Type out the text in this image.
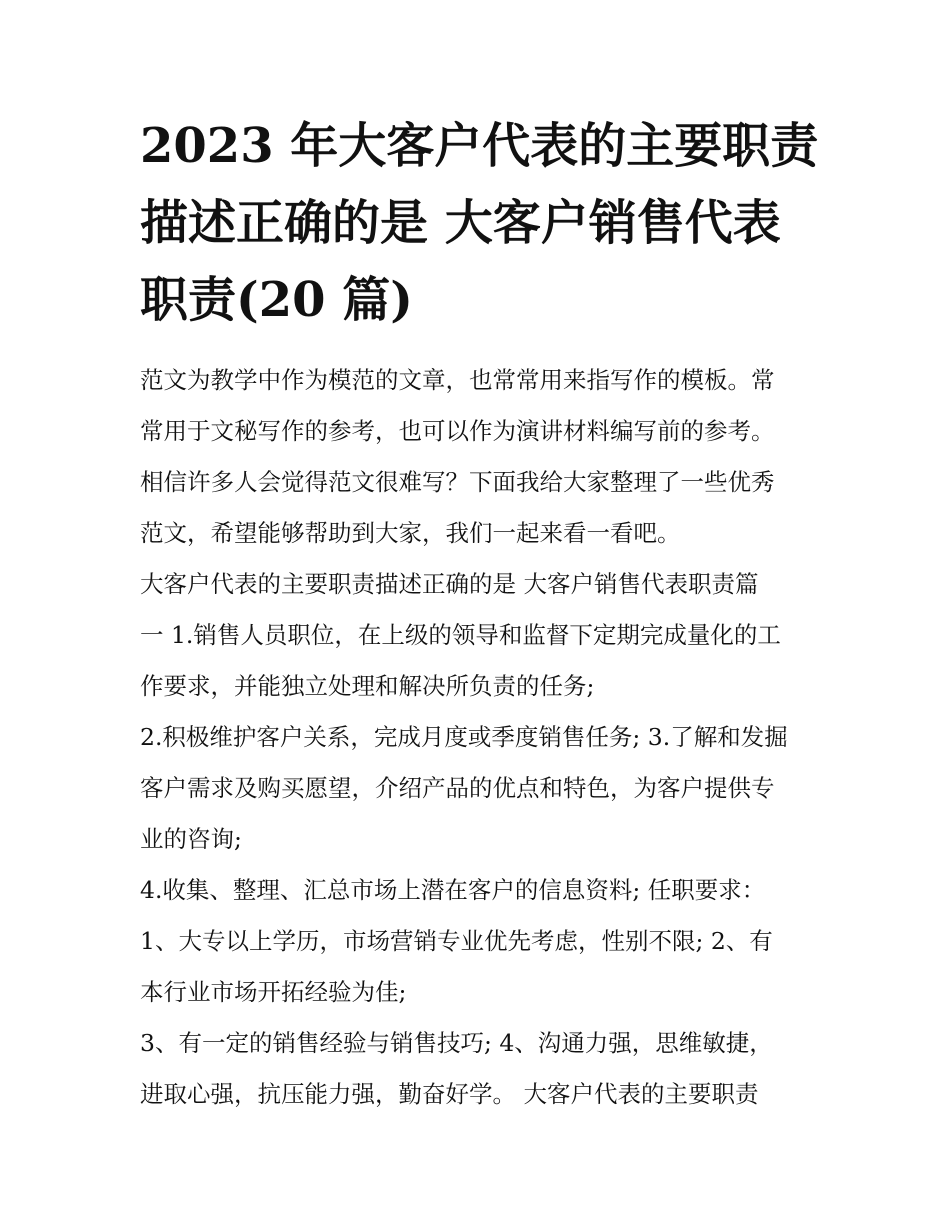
2023 年大客户代表的主要职责
描述正确的是 大客户销售代表
职责(20 篇)
范文为教学中作为模范的文章，也常常用来指写作的模板。常
常用于文秘写作的参考，也可以作为演讲材料编写前的参考。
相信许多人会觉得范文很难写？下面我给大家整理了一些优秀
范文，希望能够帮助到大家，我们一起来看一看吧。
大客户代表的主要职责描述正确的是 大客户销售代表职责篇
一 1.销售人员职位，在上级的领导和监督下定期完成量化的工
作要求，并能独立处理和解决所负责的任务;
2.积极维护客户关系，完成月度或季度销售任务; 3.了解和发掘
客户需求及购买愿望，介绍产品的优点和特色，为客户提供专
业的咨询;
4.收集、整理、汇总市场上潜在客户的信息资料; 任职要求：
1、大专以上学历，市场营销专业优先考虑，性别不限; 2、有
本行业市场开拓经验为佳;
3、有一定的销售经验与销售技巧; 4、沟通力强，思维敏捷，
进取心强，抗压能力强，勤奋好学。 大客户代表的主要职责
